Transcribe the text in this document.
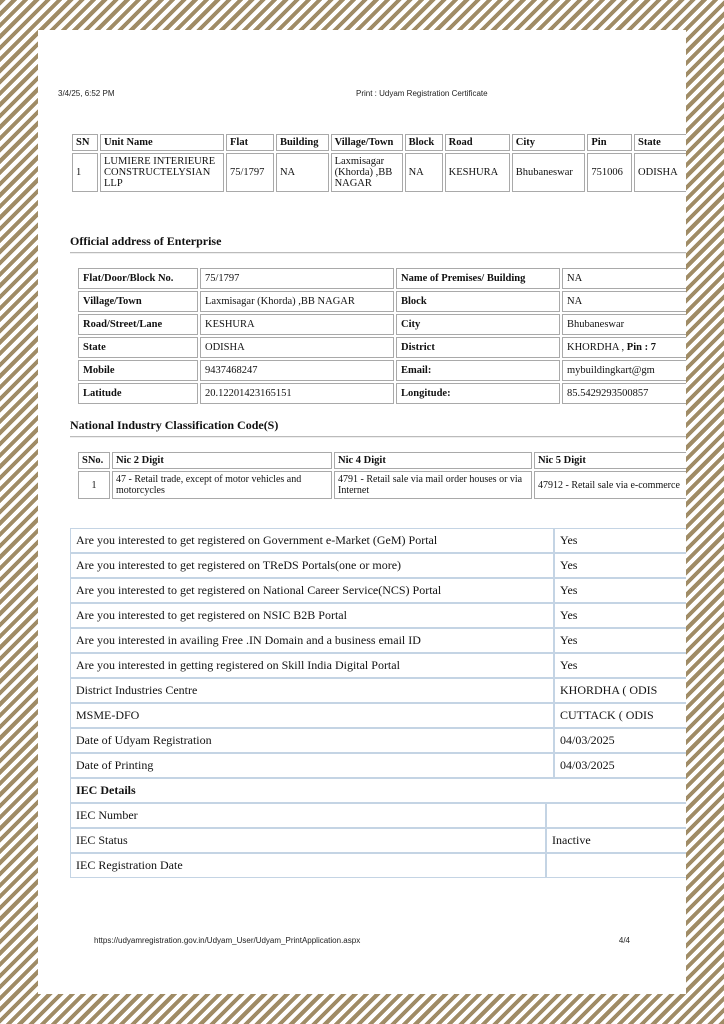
3/4/25, 6:52 PM	Print : Udyam Registration Certificate
SN	Unit Name	Flat	Building	Village/Town	Block	Road	City	Pin	State
1	LUMIERE INTERIEURE CONSTRUCTELYSIAN LLP	75/1797	NA	Laxmisagar (Khorda) ,BB NAGAR	NA	KESHURA	Bhubaneswar	751006	ODISHA
Official address of Enterprise
Flat/Door/Block No.	75/1797	Name of Premises/ Building	NA
Village/Town	Laxmisagar (Khorda) ,BB NAGAR	Block	NA
Road/Street/Lane	KESHURA	City	Bhubaneswar
State	ODISHA	District	KHORDHA , Pin : 7
Mobile	9437468247	Email:	mybuildingkart@gm
Latitude	20.12201423165151	Longitude:	85.5429293500857
National Industry Classification Code(S)
SNo.	Nic 2 Digit	Nic 4 Digit	Nic 5 Digit
1	47 - Retail trade, except of motor vehicles and motorcycles	4791 - Retail sale via mail order houses or via Internet	47912 - Retail sale via e-commerce
Are you interested to get registered on Government e-Market (GeM) Portal	Yes
Are you interested to get registered on TReDS Portals(one or more)	Yes
Are you interested to get registered on National Career Service(NCS) Portal	Yes
Are you interested to get registered on NSIC B2B Portal	Yes
Are you interested in availing Free .IN Domain and a business email ID	Yes
Are you interested in getting registered on Skill India Digital Portal	Yes
District Industries Centre	KHORDHA ( ODIS
MSME-DFO	CUTTACK ( ODIS
Date of Udyam Registration	04/03/2025
Date of Printing	04/03/2025
IEC Details	
IEC Number	
IEC Status	Inactive
IEC Registration Date	
https://udyamregistration.gov.in/Udyam_User/Udyam_PrintApplication.aspx	4/4
